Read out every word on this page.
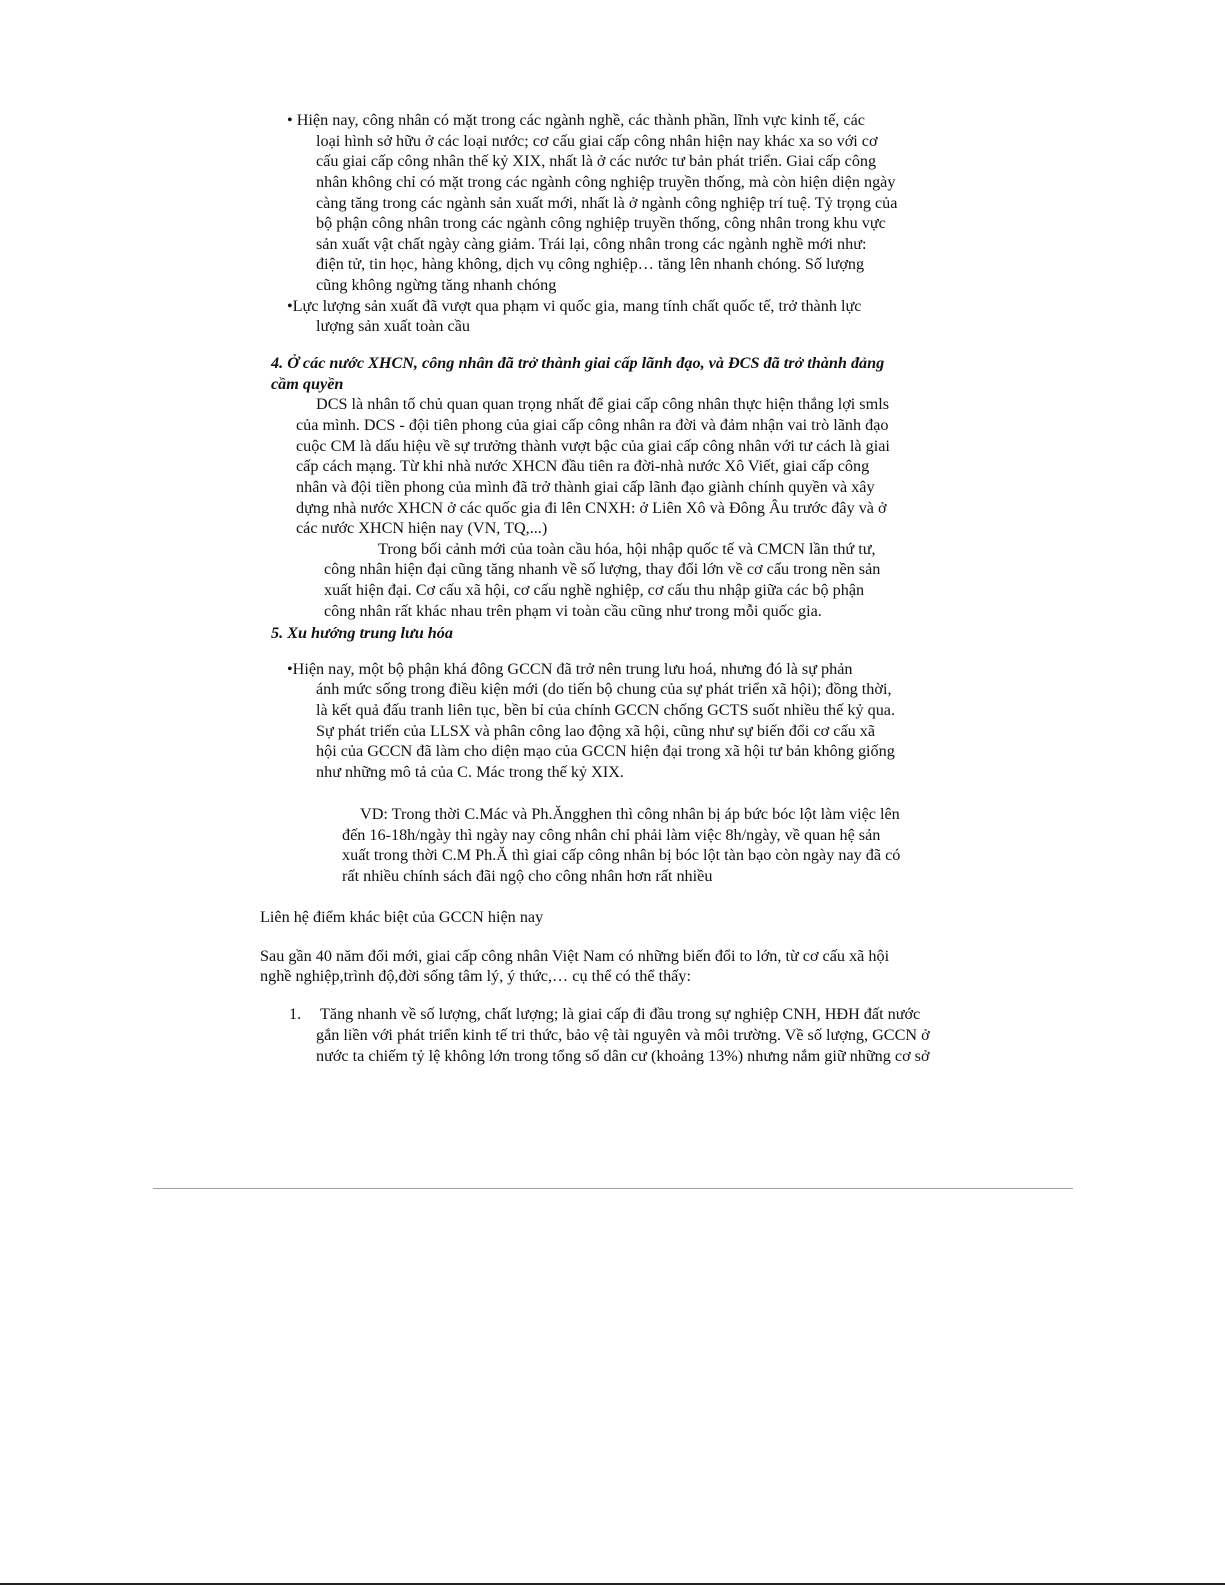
• Hiện nay, công nhân có mặt trong các ngành nghề, các thành phần, lĩnh vực kinh tế, các

loại hình sở hữu ở các loại nước; cơ cấu giai cấp công nhân hiện nay khác xa so với cơ

cấu giai cấp công nhân thế kỷ XIX, nhất là ở các nước tư bản phát triển. Giai cấp công

nhân không chỉ có mặt trong các ngành công nghiệp truyền thống, mà còn hiện diện ngày

càng tăng trong các ngành sản xuất mới, nhất là ở ngành công nghiệp trí tuệ. Tỷ trọng của

bộ phận công nhân trong các ngành công nghiệp truyền thống, công nhân trong khu vực

sản xuất vật chất ngày càng giảm. Trái lại, công nhân trong các ngành nghề mới như:

điện tử, tin học, hàng không, dịch vụ công nghiệp… tăng lên nhanh chóng. Số lượng

cũng không ngừng tăng nhanh chóng

•Lực lượng sản xuất đã vượt qua phạm vi quốc gia, mang tính chất quốc tế, trở thành lực

lượng sản xuất toàn cầu

4. Ở các nước XHCN, công nhân đã trở thành giai cấp lãnh đạo, và ĐCS đã trở thành đảng

cầm quyền

DCS là nhân tố chủ quan quan trọng nhất để giai cấp công nhân thực hiện thắng lợi smls

của mình. DCS - đội tiên phong của giai cấp công nhân ra đời và đảm nhận vai trò lãnh đạo

cuộc CM là dấu hiệu về sự trưởng thành vượt bậc của giai cấp công nhân với tư cách là giai

cấp cách mạng. Từ khi nhà nước XHCN đầu tiên ra đời-nhà nước Xô Viết, giai cấp công

nhân và đội tiền phong của mình đã trở thành giai cấp lãnh đạo giành chính quyền và xây

dựng nhà nước XHCN ở các quốc gia đi lên CNXH: ở Liên Xô và Đông Âu trước đây và ở

các nước XHCN hiện nay (VN, TQ,...)

Trong bối cảnh mới của toàn cầu hóa, hội nhập quốc tế và CMCN lần thứ tư,

công nhân hiện đại cũng tăng nhanh về số lượng, thay đổi lớn về cơ cấu trong nền sản

xuất hiện đại. Cơ cấu xã hội, cơ cấu nghề nghiệp, cơ cấu thu nhập giữa các bộ phận

công nhân rất khác nhau trên phạm vi toàn cầu cũng như trong mỗi quốc gia.

5. Xu hướng trung lưu hóa

•Hiện nay, một bộ phận khá đông GCCN đã trở nên trung lưu hoá, nhưng đó là sự phản

ánh mức sống trong điều kiện mới (do tiến bộ chung của sự phát triển xã hội); đồng thời,

là kết quả đấu tranh liên tục, bền bỉ của chính GCCN chống GCTS suốt nhiều thế kỷ qua.

Sự phát triển của LLSX và phân công lao động xã hội, cũng như sự biến đổi cơ cấu xã

hội của GCCN đã làm cho diện mạo của GCCN hiện đại trong xã hội tư bản không giống

như những mô tả của C. Mác trong thế kỷ XIX.

VD: Trong thời C.Mác và Ph.Ăngghen thì công nhân bị áp bức bóc lột làm việc lên

đến 16-18h/ngày thì ngày nay công nhân chỉ phải làm việc 8h/ngày, về quan hệ sản

xuất trong thời C.M Ph.Ă thì giai cấp công nhân bị bóc lột tàn bạo còn ngày nay đã có

rất nhiều chính sách đãi ngộ cho công nhân hơn rất nhiều

Liên hệ điểm khác biệt của GCCN hiện nay

Sau gần 40 năm đổi mới, giai cấp công nhân Việt Nam có những biến đổi to lớn, từ cơ cấu xã hội

nghề nghiệp,trình độ,đời sống tâm lý, ý thức,… cụ thể có thể thấy:

1. Tăng nhanh về số lượng, chất lượng; là giai cấp đi đầu trong sự nghiệp CNH, HĐH đất nước

gắn liền với phát triển kinh tế tri thức, bảo vệ tài nguyên và môi trường. Về số lượng, GCCN ở

nước ta chiếm tỷ lệ không lớn trong tổng số dân cư (khoảng 13%) nhưng nắm giữ những cơ sở
